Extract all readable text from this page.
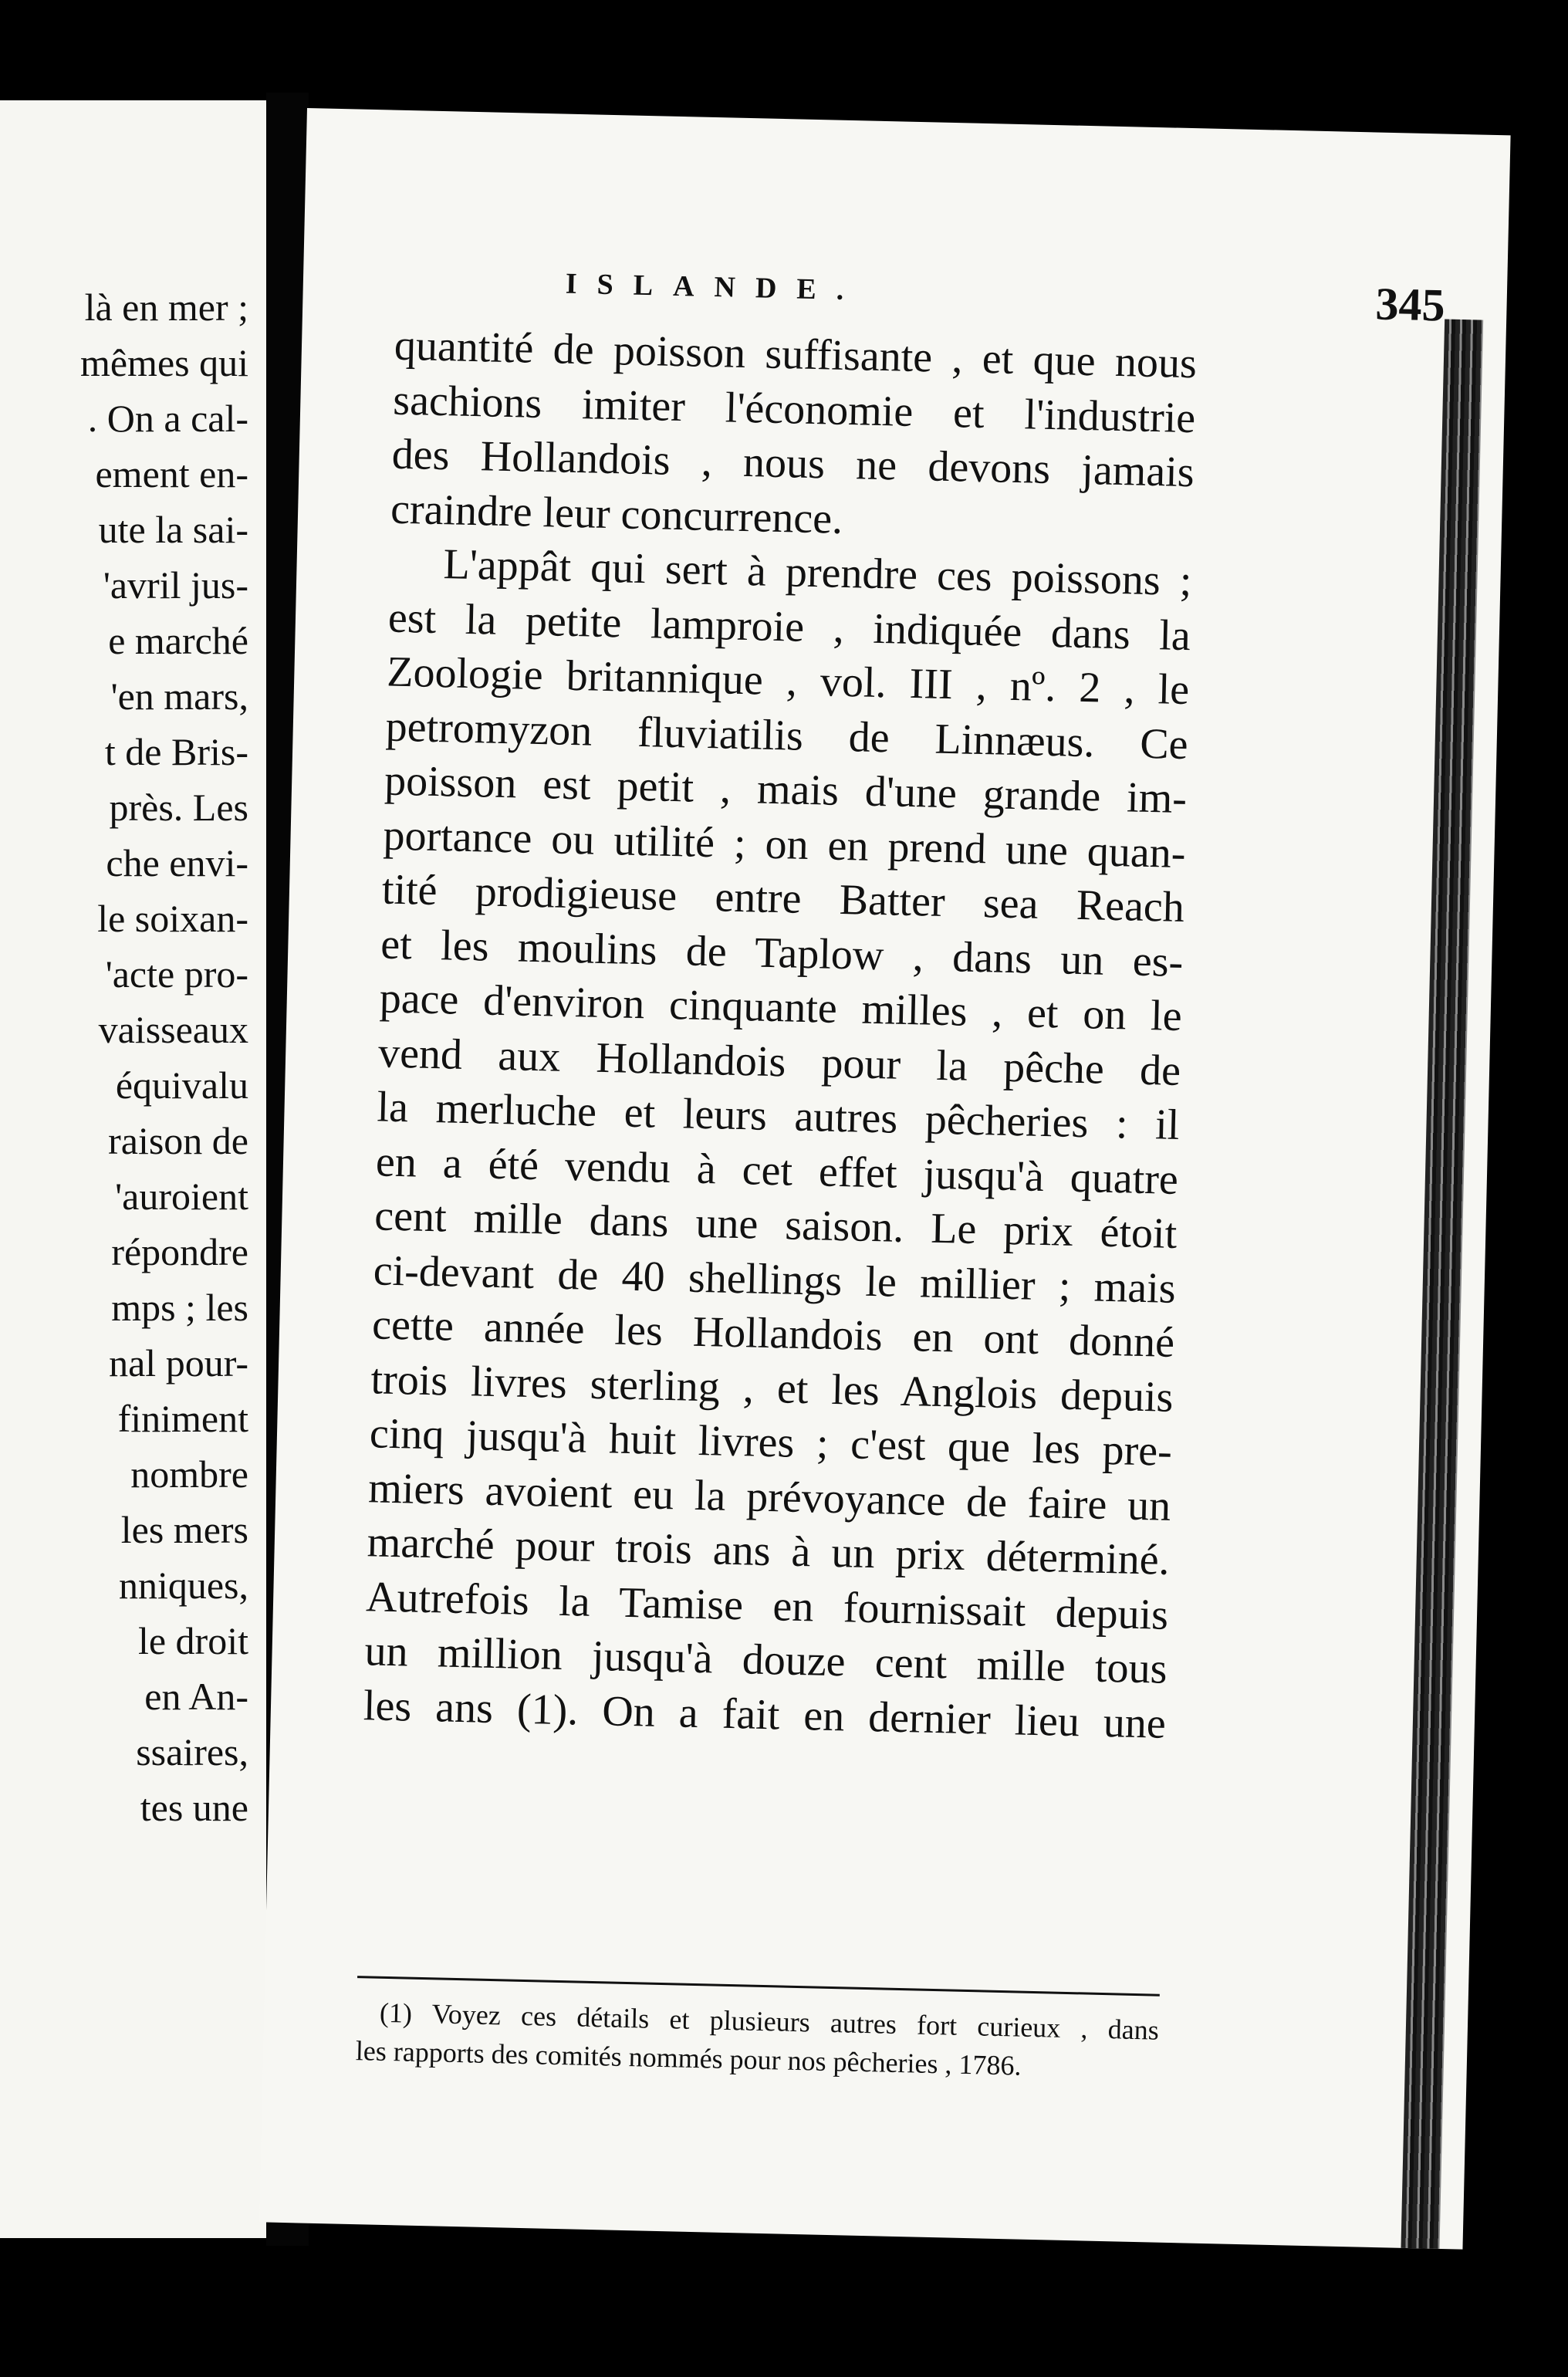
là en mer ;
mêmes qui
. On a cal-
ement en-
ute la sai-
'avril jus-
e marché
'en mars,
t de Bris-
près. Les
che envi-
le soixan-
'acte pro-
vaisseaux
équivalu
raison de
'auroient
répondre
mps ; les
nal pour-
finiment
nombre
les mers
nniques,
le droit
en An-
ssaires,
tes une
ISLANDE.	345
quantité de poisson suffisante , et que nous
sachions imiter l'économie et l'industrie
des Hollandois , nous ne devons jamais
craindre leur concurrence.
L'appât qui sert à prendre ces poissons ;
est la petite lamproie , indiquée dans la
Zoologie britannique , vol. III , nº. 2 , le
petromyzon fluviatilis de Linnæus. Ce
poisson est petit , mais d'une grande im-
portance ou utilité ; on en prend une quan-
tité prodigieuse entre Batter sea Reach
et les moulins de Taplow , dans un es-
pace d'environ cinquante milles , et on le
vend aux Hollandois pour la pêche de
la merluche et leurs autres pêcheries : il
en a été vendu à cet effet jusqu'à quatre
cent mille dans une saison. Le prix étoit
ci-devant de 40 shellings le millier ; mais
cette année les Hollandois en ont donné
trois livres sterling , et les Anglois depuis
cinq jusqu'à huit livres ; c'est que les pre-
miers avoient eu la prévoyance de faire un
marché pour trois ans à un prix déterminé.
Autrefois la Tamise en fournissait depuis
un million jusqu'à douze cent mille tous
les ans (1). On a fait en dernier lieu une
(1) Voyez ces détails et plusieurs autres fort curieux , dans
les rapports des comités nommés pour nos pêcheries , 1786.
